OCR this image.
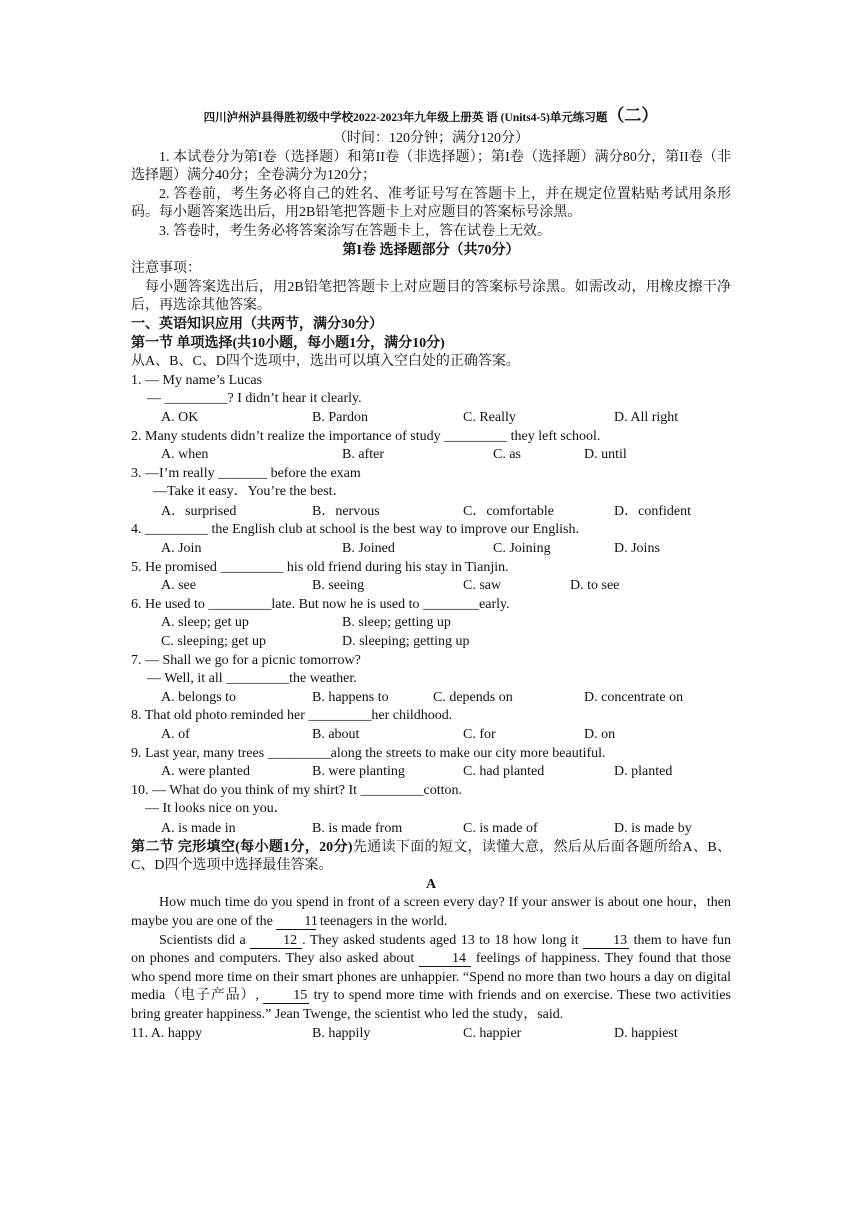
四川泸州泸县得胜初级中学校2022-2023年九年级上册英 语 (Units4-5)单元练习题（二）
（时间：120分钟；满分120分）
1. 本试卷分为第I卷（选择题）和第II卷（非选择题）；第I卷（选择题）满分80分，第II卷（非选择题）满分40分；全卷满分为120分；
2. 答卷前，考生务必将自己的姓名、准考证号写在答题卡上，并在规定位置粘贴考试用条形码。每小题答案选出后，用2B铅笔把答题卡上对应题目的答案标号涂黑。
3. 答卷时，考生务必将答案涂写在答题卡上，答在试卷上无效。
第I卷 选择题部分（共70分）
注意事项：
每小题答案选出后，用2B铅笔把答题卡上对应题目的答案标号涂黑。如需改动，用橡皮擦干净后，再选涂其他答案。
一、英语知识应用（共两节，满分30分）
第一节 单项选择(共10小题，每小题1分，满分10分)
从A、B、C、D四个选项中，选出可以填入空白处的正确答案。
1. — My name’s Lucas
— _________? I didn’t hear it clearly.
A. OK	B. Pardon	C. Really	D. All right
2. Many students didn’t realize the importance of study _________ they left school.
A. when	B. after	C. as	D. until
3. —I’m really _______ before the exam
—Take it easy．You’re the best．
A．surprised	B．nervous	C．comfortable	D．confident
4. _________ the English club at school is the best way to improve our English.
A. Join	B. Joined	C. Joining	D. Joins
5. He promised _________ his old friend during his stay in Tianjin.
A. see	B. seeing	C. saw	D. to see
6. He used to _________late. But now he is used to ________early.
A. sleep; get up	B. sleep; getting up
C. sleeping; get up	D. sleeping; getting up
7. — Shall we go for a picnic tomorrow?
— Well, it all _________the weather.
A. belongs to	B. happens to	C. depends on	D. concentrate on
8. That old photo reminded her _________her childhood.
A. of	B. about	C. for	D. on
9. Last year, many trees _________along the streets to make our city more beautiful.
A. were planted	B. were planting	C. had planted	D. planted
10. — What do you think of my shirt? It _________cotton.
— It looks nice on you．
A. is made in	B. is made from	C. is made of	D. is made by
第二节 完形填空(每小题1分，20分)先通读下面的短文，读懂大意，然后从后面各题所给A、B、C、D四个选项中选择最佳答案。
A
How much time do you spend in front of a screen every day? If your answer is about one hour，then maybe you are one of the 11 teenagers in the world.
Scientists did a 12 . They asked students aged 13 to 18 how long it 13 them to have fun on phones and computers. They also asked about 14 feelings of happiness. They found that those who spend more time on their smart phones are unhappier. “Spend no more than two hours a day on digital media（电子产品）, 15 try to spend more time with friends and on exercise. These two activities bring greater happiness.” Jean Twenge, the scientist who led the study，said.
11. A. happy	B. happily	C. happier	D. happiest
